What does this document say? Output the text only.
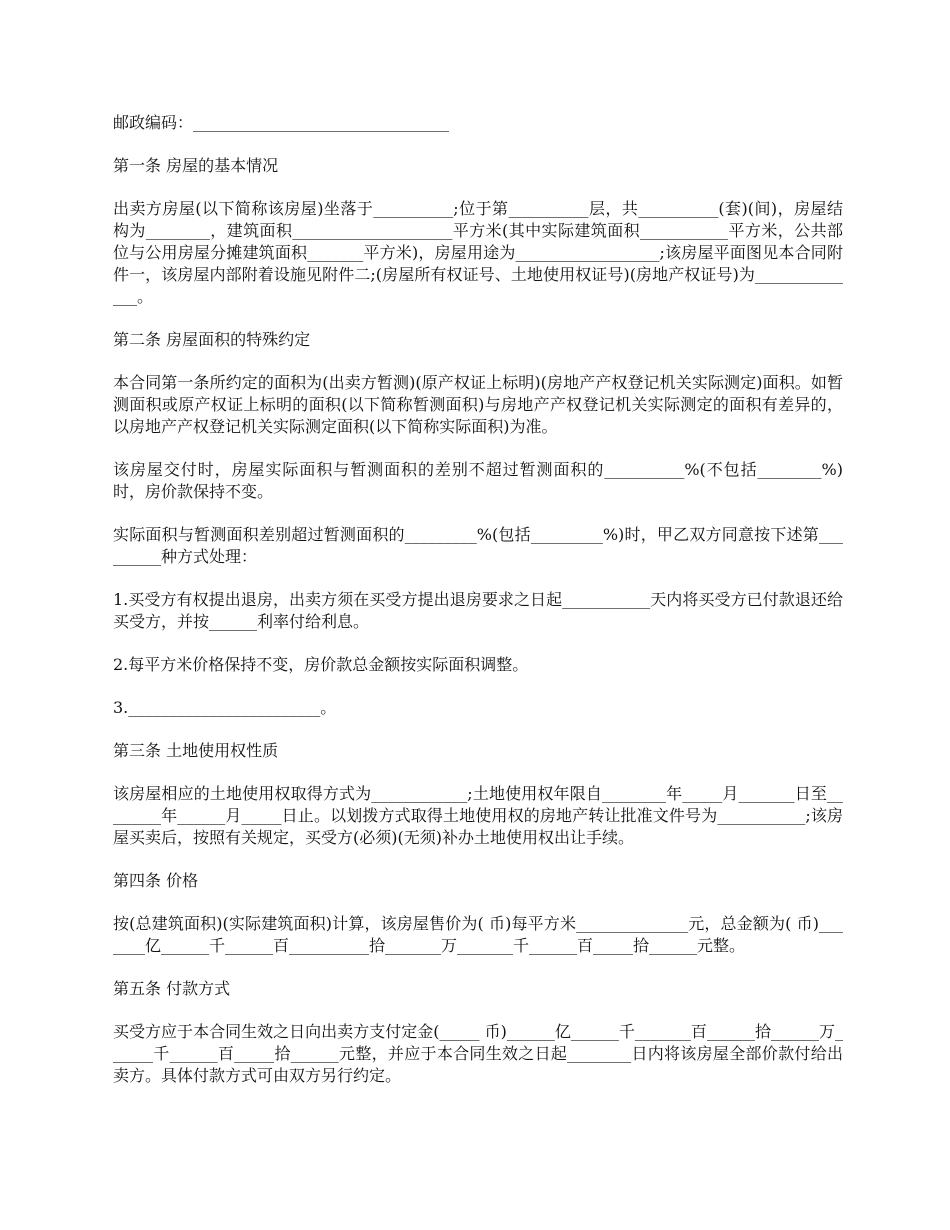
邮政编码：________________________________

第一条 房屋的基本情况

出卖方房屋(以下简称该房屋)坐落于__________;位于第__________层，共__________(套)(间)，房屋结构为________，建筑面积____________________平方米(其中实际建筑面积___________平方米，公共部位与公用房屋分摊建筑面积_______平方米)，房屋用途为__________________;该房屋平面图见本合同附件一，该房屋内部附着设施见附件二;(房屋所有权证号、土地使用权证号)(房地产权证号)为______________。

第二条 房屋面积的特殊约定

本合同第一条所约定的面积为(出卖方暂测)(原产权证上标明)(房地产产权登记机关实际测定)面积。如暂测面积或原产权证上标明的面积(以下简称暂测面积)与房地产产权登记机关实际测定的面积有差异的，以房地产产权登记机关实际测定面积(以下简称实际面积)为准。

该房屋交付时，房屋实际面积与暂测面积的差别不超过暂测面积的__________%(不包括________%)时，房价款保持不变。

实际面积与暂测面积差别超过暂测面积的_________%(包括_________%)时，甲乙双方同意按下述第_________种方式处理：

1.买受方有权提出退房，出卖方须在买受方提出退房要求之日起___________天内将买受方已付款退还给买受方，并按______利率付给利息。

2.每平方米价格保持不变，房价款总金额按实际面积调整。

3.________________________。

第三条 土地使用权性质

该房屋相应的土地使用权取得方式为____________;土地使用权年限自________年_____月_______日至________年______月_____日止。以划拨方式取得土地使用权的房地产转让批准文件号为___________;该房屋买卖后，按照有关规定，买受方(必须)(无须)补办土地使用权出让手续。

第四条 价格

按(总建筑面积)(实际建筑面积)计算，该房屋售价为( 币)每平方米______________元，总金额为( 币)_______亿______千______百__________拾_______万_______千______百_____拾______元整。

第五条 付款方式

买受方应于本合同生效之日向出卖方支付定金(_____ 币)______亿______千_______百______拾______万______千______百_____拾______元整，并应于本合同生效之日起________日内将该房屋全部价款付给出卖方。具体付款方式可由双方另行约定。
